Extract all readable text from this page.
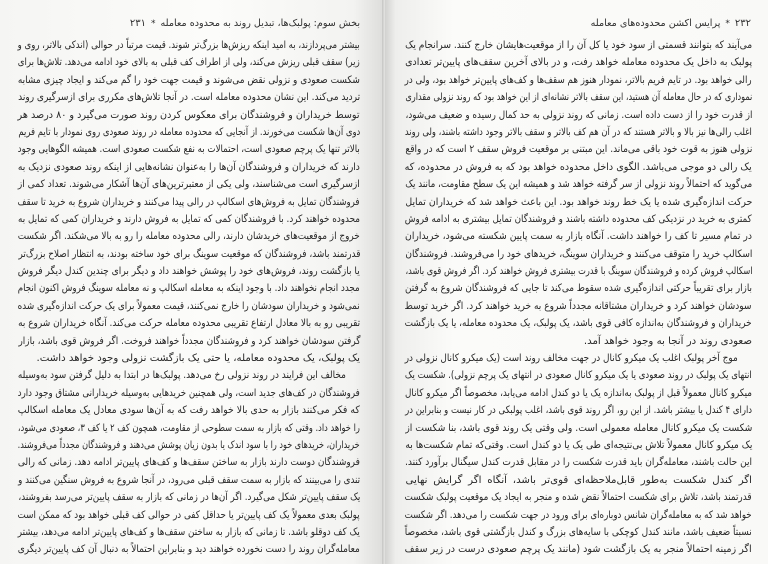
بخش سوم: پولبک‌ها، تبدیل روند به محدوده معامله*۲۳۱
بیشتر می‌پردازند، به امید اینکه ریزش‌ها بزرگ‌تر شوند. قیمت مرتباً در حوالی (اندکی بالاتر، روی و
زیر) سقف قبلی ریزش می‌کند، ولی از اطراف کف قبلی به بالای خود ادامه می‌دهد. تلاش‌ها برای
شکست صعودی و نزولی نقض می‌شوند و قیمت جهت خود را گم می‌کند و ایجاد چیزی مشابه
تردید می‌کند. این نشان محدوده معامله است. در آنجا تلاش‌های مکرری برای ازسرگیری روند
توسط خریداران و فروشندگان برای معکوس کردن روند صورت می‌گیرد و ۸۰ درصد هر
دوی آن‌ها شکست می‌خورند. از آنجایی که محدوده معامله در روند صعودی روی نمودار با تایم فریم
بالاتر تنها یک پرچم صعودی است، احتمالات به نفع شکست صعودی است. همیشه الگوهایی وجود
دارند که خریداران و فروشندگان آن‌ها را به‌عنوان نشانه‌هایی از اینکه روند صعودی نزدیک به
ازسرگیری است می‌شناسند، ولی یکی از معتبرترین‌های آن‌ها آشکار می‌شوند. تعداد کمی از
فروشندگان تمایل به فروش‌های اسکالپ در رالی پیدا می‌کنند و خریداران شروع به خرید تا سقف
محدوده خواهند کرد. با فروشندگان کمی که تمایل به فروش دارند و خریداران کمی که تمایل به
خروج از موقعیت‌های خریدشان دارند، رالی محدوده معامله را رو به بالا می‌شکند. اگر شکست
قدرتمند باشد، فروشندگان که موقعیت سوینگ برای خود ساخته بودند، به انتظار اصلاح بزرگ‌تر
یا بازگشت روند، فروش‌های خود را پوشش خواهند داد و دیگر برای چندین کندل دیگر فروش
مجدد انجام نخواهند داد. با وجود اینکه به معامله اسکالپ و نه معامله سوینگ فروش اکنون انجام
نمی‌شود و خریداران سودشان را خارج نمی‌کنند، قیمت معمولاً برای یک حرکت اندازه‌گیری شده
تقریبی رو به بالا معادل ارتفاع تقریبی محدوده معامله حرکت می‌کند. آنگاه خریداران شروع به
گرفتن سودشان خواهند کرد و فروشندگان مجدداً خواهند فروخت. اگر فروش قوی باشد، بازار
یک پولبک، یک محدوده معامله، یا حتی یک بازگشت نزولی وجود خواهد داشت.
مخالف این فرایند در روند نزولی رخ می‌دهد. پولبک‌ها در ابتدا به دلیل گرفتن سود به‌وسیله
فروشندگان در کف‌های جدید است، ولی همچنین خریدهایی به‌وسیله خریدارانی مشتاق وجود دارد
که فکر می‌کنند بازار به حدی بالا خواهد رفت که به آن‌ها سودی معادل یک معامله اسکالپ
را خواهد داد. وقتی که بازار به سمت سطوحی از مقاومت، همچون کف ۲ یا کف ۳، صعودی می‌شود،
خریداران، خریدهای خود را با سود اندک یا بدون زیان پوشش می‌دهند و فروشندگان مجدداً می‌فروشند.
فروشندگان دوست دارند بازار به ساختن سقف‌ها و کف‌های پایین‌تر ادامه دهد. زمانی که رالی
تندی را می‌بینند که بازار به سمت سقف قبلی می‌رود، در آنجا شروع به فروش سنگین می‌کنند و
یک سقف پایین‌تر شکل می‌گیرد. اگر آن‌ها در زمانی که بازار به سقف پایین‌تر می‌رسد بفروشند،
پولبک بعدی معمولاً یک کف پایین‌تر یا حداقل کفی در حوالی کف قبلی خواهد بود که ممکن است
یک کف دوقلو باشد. تا زمانی که بازار به ساختن سقف‌ها و کف‌های پایین‌تر ادامه می‌دهد، بیشتر
معامله‌گران روند را دست نخورده خواهند دید و بنابراین احتمالاً به دنبال آن کف پایین‌تر دیگری
۲۳۲*پرایس اکشن محدوده‌های معامله
می‌آیند که بتوانند قسمتی از سود خود یا کل آن را از موقعیت‌هایشان خارج کنند. سرانجام یک
پولبک به داخل یک محدوده معامله خواهد رفت، و در بالای آخرین سقف‌های پایین‌تر تعدادی
رالی خواهد بود. در تایم فریم بالاتر، نمودار هنوز هم سقف‌ها و کف‌های پایین‌تر خواهد بود، ولی در
نموداری که در حال معامله آن هستید، این سقف بالاتر نشانه‌ای از این خواهد بود که روند نزولی مقداری
از قدرت خود را از دست داده است. زمانی که روند نزولی به حد کمال رسیده و ضعیف می‌شود،
اغلب رالی‌ها نیز بالا و بالاتر هستند که در آن هم کف بالاتر و سقف بالاتر وجود داشته باشند، ولی روند
نزولی هنوز به قوت خود باقی می‌ماند. این مبتنی بر موقعیت فروش سقف ۲ است که در واقع
یک رالی دو موجی می‌باشد. الگوی داخل محدوده خواهد بود که به فروش در محدوده، که
می‌گوید که احتمالاً روند نزولی از سر گرفته خواهد شد و همیشه این یک سطح مقاومت، مانند یک
حرکت اندازه‌گیری شده یا یک خط روند خواهد بود. این باعث خواهد شد که خریداران تمایل
کمتری به خرید در نزدیکی کف محدوده داشته باشند و فروشندگان تمایل بیشتری به ادامه فروش
در تمام مسیر تا کف را خواهند داشت. آنگاه بازار به سمت پایین شکسته می‌شود، خریداران
اسکالپ خرید را متوقف می‌کنند و خریداران سوینگ، خریدهای خود را می‌فروشند. فروشندگان
اسکالپ فروش کرده و فروشندگان سوینگ با قدرت بیشتری فروش خواهند کرد. اگر فروش قوی باشد،
بازار برای تقریباً حرکتی اندازه‌گیری شده سقوط می‌کند تا جایی که فروشندگان شروع به گرفتن
سودشان خواهند کرد و خریداران مشتاقانه مجدداً شروع به خرید خواهند کرد. اگر خرید توسط
خریداران و فروشندگان به‌اندازه کافی قوی باشد، یک پولبک، یک محدوده معامله، یا یک بازگشت
صعودی روند در آنجا به وجود خواهد آمد.
موج آخر پولبک اغلب یک میکرو کانال در جهت مخالف روند است (یک میکرو کانال نزولی در
انتهای یک پولبک در روند صعودی یا یک میکرو کانال صعودی در انتهای یک پرچم نزولی). شکست یک
میکرو کانال معمولاً قبل از پولبک به‌اندازه یک یا دو کندل ادامه می‌یابد، مخصوصاً اگر میکرو کانال
دارای ۴ کندل یا بیشتر باشد. از این رو، اگر روند قوی باشد، اغلب پولبکی در کار نیست و بنابراین در
شکست یک میکرو کانال معامله معمولی است. ولی وقتی یک روند قوی باشد، بنا شکست از
یک میکرو کانال معمولاً تلاش بی‌نتیجه‌ای طی یک یا دو کندل است. وقتی‌که تمام شکست‌ها به
این حالت باشند، معامله‌گران باید قدرت شکست را در مقابل قدرت کندل سیگنال برآورد کنند.
اگر کندل شکست به‌طور قابل‌ملاحظه‌ای قوی‌تر باشد، آنگاه اگر گرایش نهایی
قدرتمند باشد، تلاش برای شکست احتمالاً نقض شده و منجر به ایجاد یک موقعیت پولبک شکست
خواهد شد که به معامله‌گران شانس دوباره‌ای برای ورود در جهت شکست را می‌دهد. اگر شکست
نسبتاً ضعیف باشد، مانند کندل کوچکی با سایه‌های بزرگ و کندل بازگشتی قوی باشد، مخصوصاً
اگر زمینه احتمالاً منجر به یک بازگشت شود (مانند یک پرچم صعودی درست در زیر سقف
